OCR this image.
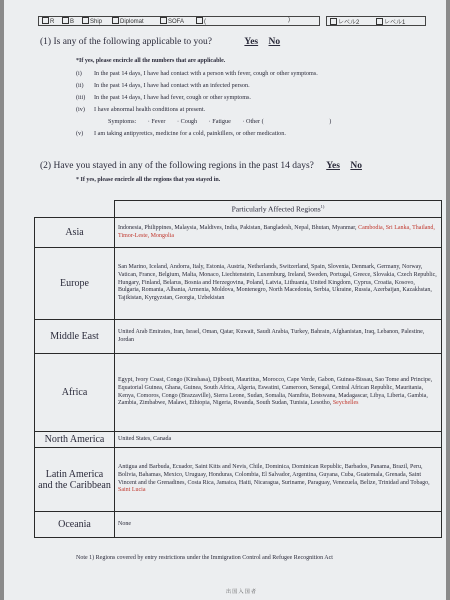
R	B	Ship	Diplomat	SOFA	(	)	レベル2	レベル1
(1) Is any of the following applicable to you?	Yes No
*If yes, please encircle all the numbers that are applicable.
(i) In the past 14 days, I have had contact with a person with fever, cough or other symptoms.
(ii) In the past 14 days, I have had contact with an infected person.
(iii) In the past 14 days, I have had fever, cough or other symptoms.
(iv) I have abnormal health conditions at present.
Symptoms: · Fever · Cough · Fatigue · Other (	)
(v) I am taking antipyretics, medicine for a cold, painkillers, or other medication.
(2) Have you stayed in any of the following regions in the past 14 days? Yes No
* If yes, please encircle all the regions that you stayed in.
	Particularly Affected Regions$^{1)}$
Asia	Indonesia, Philippines, Malaysia, Maldives, India, Pakistan, Bangladesh, Nepal, Bhutan, Myanmar, Cambodia, Sri Lanka, Thailand, Timor-Leste, Mongolia
Europe	San Marino, Iceland, Andorra, Italy, Estonia, Austria, Netherlands, Switzerland, Spain, Slovenia, Denmark, Germany, Norway, Vatican, France, Belgium, Malta, Monaco, Liechtenstein, Luxemburg, Ireland, Sweden, Portugal, Greece, Slovakia, Czech Republic, Hungary, Finland, Belarus, Bosnia and Herzegovina, Poland, Latvia, Lithuania, United Kingdom, Cyprus, Croatia, Kosovo, Bulgaria, Romania, Albania, Armenia, Moldova, Montenegro, North Macedonia, Serbia, Ukraine, Russia, Azerbaijan, Kazakhstan, Tajikistan, Kyrgyzstan, Georgia, Uzbekistan
Middle East	United Arab Emirates, Iran, Israel, Oman, Qatar, Kuwait, Saudi Arabia, Turkey, Bahrain, Afghanistan, Iraq, Lebanon, Palestine, Jordan
Africa	Egypt, Ivory Coast, Congo (Kinshasa), Djibouti, Mauritius, Morocco, Cape Verde, Gabon, Guinea-Bissau, Sao Tome and Principe, Equatorial Guinea, Ghana, Guinea, South Africa, Algeria, Eswatini, Cameroon, Senegal, Central African Republic, Mauritania, Kenya, Comoros, Congo (Brazzaville), Sierra Leone, Sudan, Somalia, Namibia, Botswana, Madagascar, Libya, Liberia, Gambia, Zambia, Zimbabwe, Malawi, Ethiopia, Nigeria, Rwanda, South Sudan, Tunisia, Lesotho, Seychelles
North America	United States, Canada
Latin America and the Caribbean	Antigua and Barbuda, Ecuador, Saint Kitts and Nevis, Chile, Dominica, Dominican Republic, Barbados, Panama, Brazil, Peru, Bolivia, Bahamas, Mexico, Uruguay, Honduras, Colombia, El Salvador, Argentina, Guyana, Cuba, Guatemala, Grenada, Saint Vincent and the Grenadines, Costa Rica, Jamaica, Haiti, Nicaragua, Suriname, Paraguay, Venezuela, Belize, Trinidad and Tobago, Saint Lucia
Oceania	None
Note 1) Regions covered by entry restrictions under the Immigration Control and Refugee Recognition Act
出 国 入 国 者
